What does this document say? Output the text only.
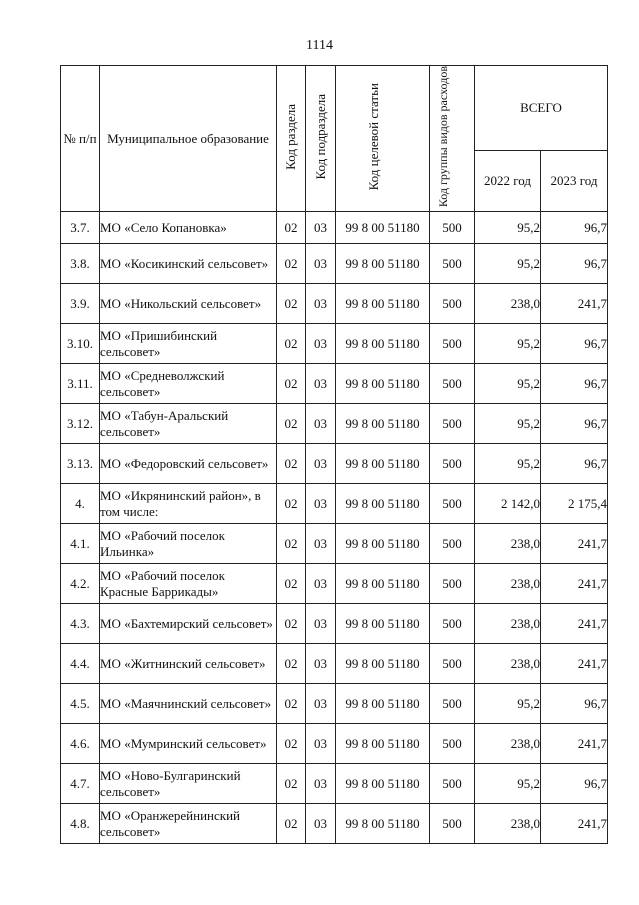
1114
№ п/п	Муниципальное образование	Код раздела	Код подраздела	Код целевой статьи	Код группы видов расходов	ВСЕГО	
						2022 год	2023 год
3.7.	МО «Село Копановка»	02	03	99 8 00 51180	500	95,2	96,7
3.8.	МО «Косикинский сельсовет»	02	03	99 8 00 51180	500	95,2	96,7
3.9.	МО «Никольский сельсовет»	02	03	99 8 00 51180	500	238,0	241,7
3.10.	МО «Пришибинский сельсовет»	02	03	99 8 00 51180	500	95,2	96,7
3.11.	МО «Средневолжский сельсовет»	02	03	99 8 00 51180	500	95,2	96,7
3.12.	МО «Табун-Аральский сельсовет»	02	03	99 8 00 51180	500	95,2	96,7
3.13.	МО «Федоровский сельсовет»	02	03	99 8 00 51180	500	95,2	96,7
4.	МО «Икрянинский район», в том числе:	02	03	99 8 00 51180	500	2 142,0	2 175,4
4.1.	МО «Рабочий поселок Ильинка»	02	03	99 8 00 51180	500	238,0	241,7
4.2.	МО «Рабочий поселок Красные Баррикады»	02	03	99 8 00 51180	500	238,0	241,7
4.3.	МО «Бахтемирский сельсовет»	02	03	99 8 00 51180	500	238,0	241,7
4.4.	МО «Житнинский сельсовет»	02	03	99 8 00 51180	500	238,0	241,7
4.5.	МО «Маячнинский сельсовет»	02	03	99 8 00 51180	500	95,2	96,7
4.6.	МО «Мумринский сельсовет»	02	03	99 8 00 51180	500	238,0	241,7
4.7.	МО «Ново-Булгаринский сельсовет»	02	03	99 8 00 51180	500	95,2	96,7
4.8.	МО «Оранжерейнинский сельсовет»	02	03	99 8 00 51180	500	238,0	241,7
